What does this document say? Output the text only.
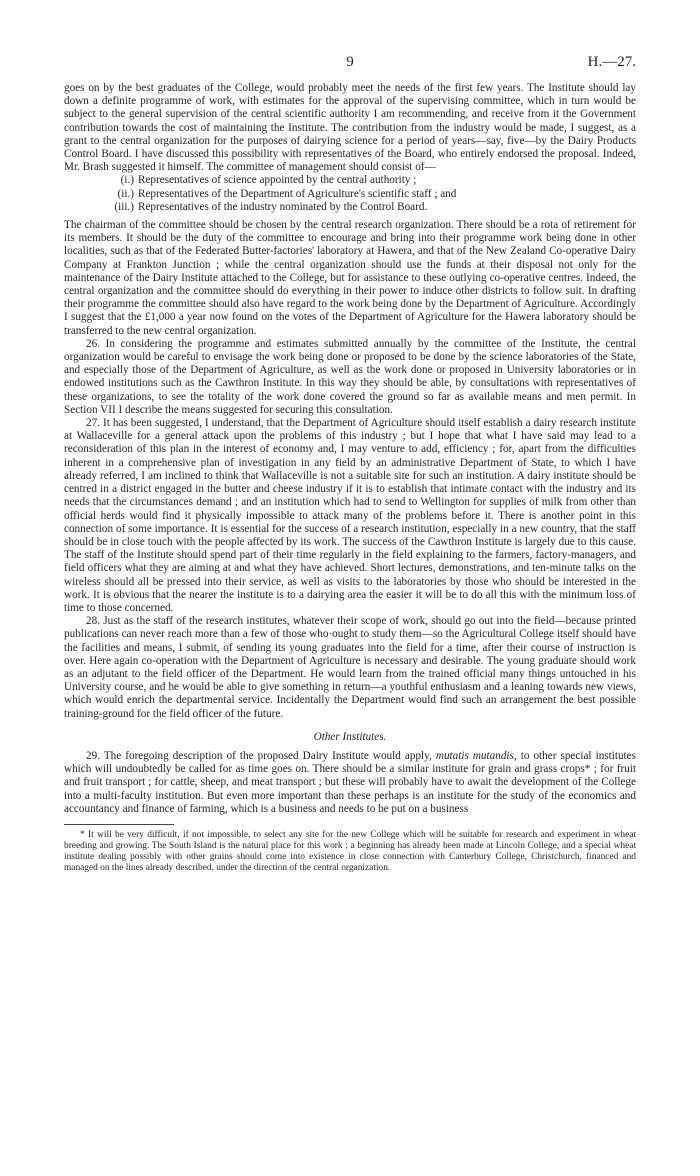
9	H.—27.

goes on by the best graduates of the College, would probably meet the needs of the first few years. The Institute should lay down a definite programme of work, with estimates for the approval of the supervising committee, which in turn would be subject to the general supervision of the central scientific authority I am recommending, and receive from it the Government contribution towards the cost of maintaining the Institute. The contribution from the industry would be made, I suggest, as a grant to the central organization for the purposes of dairying science for a period of years—say, five—by the Dairy Products Control Board. I have discussed this possibility with representatives of the Board, who entirely endorsed the proposal. Indeed, Mr. Brash suggested it himself. The committee of management should consist of—

(i.) Representatives of science appointed by the central authority ;
(ii.) Representatives of the Department of Agriculture's scientific staff ; and
(iii.) Representatives of the industry nominated by the Control Board.

The chairman of the committee should be chosen by the central research organization. There should be a rota of retirement for its members. It should be the duty of the committee to encourage and bring into their programme work being done in other localities, such as that of the Federated Butter-factories' laboratory at Hawera, and that of the New Zealand Co-operative Dairy Company at Frankton Junction ; while the central organization should use the funds at their disposal not only for the maintenance of the Dairy Institute attached to the College, but for assistance to these outlying co-operative centres. Indeed, the central organization and the committee should do everything in their power to induce other districts to follow suit. In drafting their programme the committee should also have regard to the work being done by the Department of Agriculture. Accordingly I suggest that the £1,000 a year now found on the votes of the Department of Agriculture for the Hawera laboratory should be transferred to the new central organization.

26. In considering the programme and estimates submitted annually by the committee of the Institute, the central organization would be careful to envisage the work being done or proposed to be done by the science laboratories of the State, and especially those of the Department of Agriculture, as well as the work done or proposed in University laboratories or in endowed institutions such as the Cawthron Institute. In this way they should be able, by consultations with representatives of these organizations, to see the totality of the work done covered the ground so far as available means and men permit. In Section VII I describe the means suggested for securing this consultation.

27. It has been suggested, I understand, that the Department of Agriculture should itself establish a dairy research institute at Wallaceville for a general attack upon the problems of this industry ; but I hope that what I have said may lead to a reconsideration of this plan in the interest of economy and, I may venture to add, efficiency ; for, apart from the difficulties inherent in a comprehensive plan of investigation in any field by an administrative Department of State, to which I have already referred, I am inclined to think that Wallaceville is not a suitable site for such an institution. A dairy institute should be centred in a district engaged in the butter and cheese industry if it is to establish that intimate contact with the industry and its needs that the circumstances demand ; and an institution which had to send to Wellington for supplies of milk from other than official herds would find it physically impossible to attack many of the problems before it. There is another point in this connection of some importance. It is essential for the success of a research institution, especially in a new country, that the staff should be in close touch with the people affected by its work. The success of the Cawthron Institute is largely due to this cause. The staff of the Institute should spend part of their time regularly in the field explaining to the farmers, factory-managers, and field officers what they are aiming at and what they have achieved. Short lectures, demonstrations, and ten-minute talks on the wireless should all be pressed into their service, as well as visits to the laboratories by those who should be interested in the work. It is obvious that the nearer the institute is to a dairying area the easier it will be to do all this with the minimum loss of time to those concerned.

28. Just as the staff of the research institutes, whatever their scope of work, should go out into the field—because printed publications can never reach more than a few of those who·ought to study them—so the Agricultural College itself should have the facilities and means, I submit, of sending its young graduates into the field for a time, after their course of instruction is over. Here again co-operation with the Department of Agriculture is necessary and desirable. The young graduate should work as an adjutant to the field officer of the Department. He would learn from the trained official many things untouched in his University course, and he would be able to give something in return—a youthful enthusiasm and a leaning towards new views, which would enrich the departmental service. Incidentally the Department would find such an arrangement the best possible training-ground for the field officer of the future.

Other Institutes.

29. The foregoing description of the proposed Dairy Institute would apply, mutatis mutandis, to other special institutes which will undoubtedly be called for as time goes on. There should be a similar institute for grain and grass crops* ; for fruit and fruit transport ; for cattle, sheep, and meat transport ; but these will probably have to await the development of the College into a multi-faculty institution. But even more important than these perhaps is an institute for the study of the economics and accountancy and finance of farming, which is a business and needs to be put on a business

* It will be very difficult, if not impossible, to select any site for the new College which will be suitable for research and experiment in wheat breeding and growing. The South Island is the natural place for this work ; a beginning has already been made at Lincoln College, and a special wheat institute dealing possibly with other grains should come into existence in close connection with Canterbury College, Christchurch, financed and managed on the lines already described, under the direction of the central organization.
